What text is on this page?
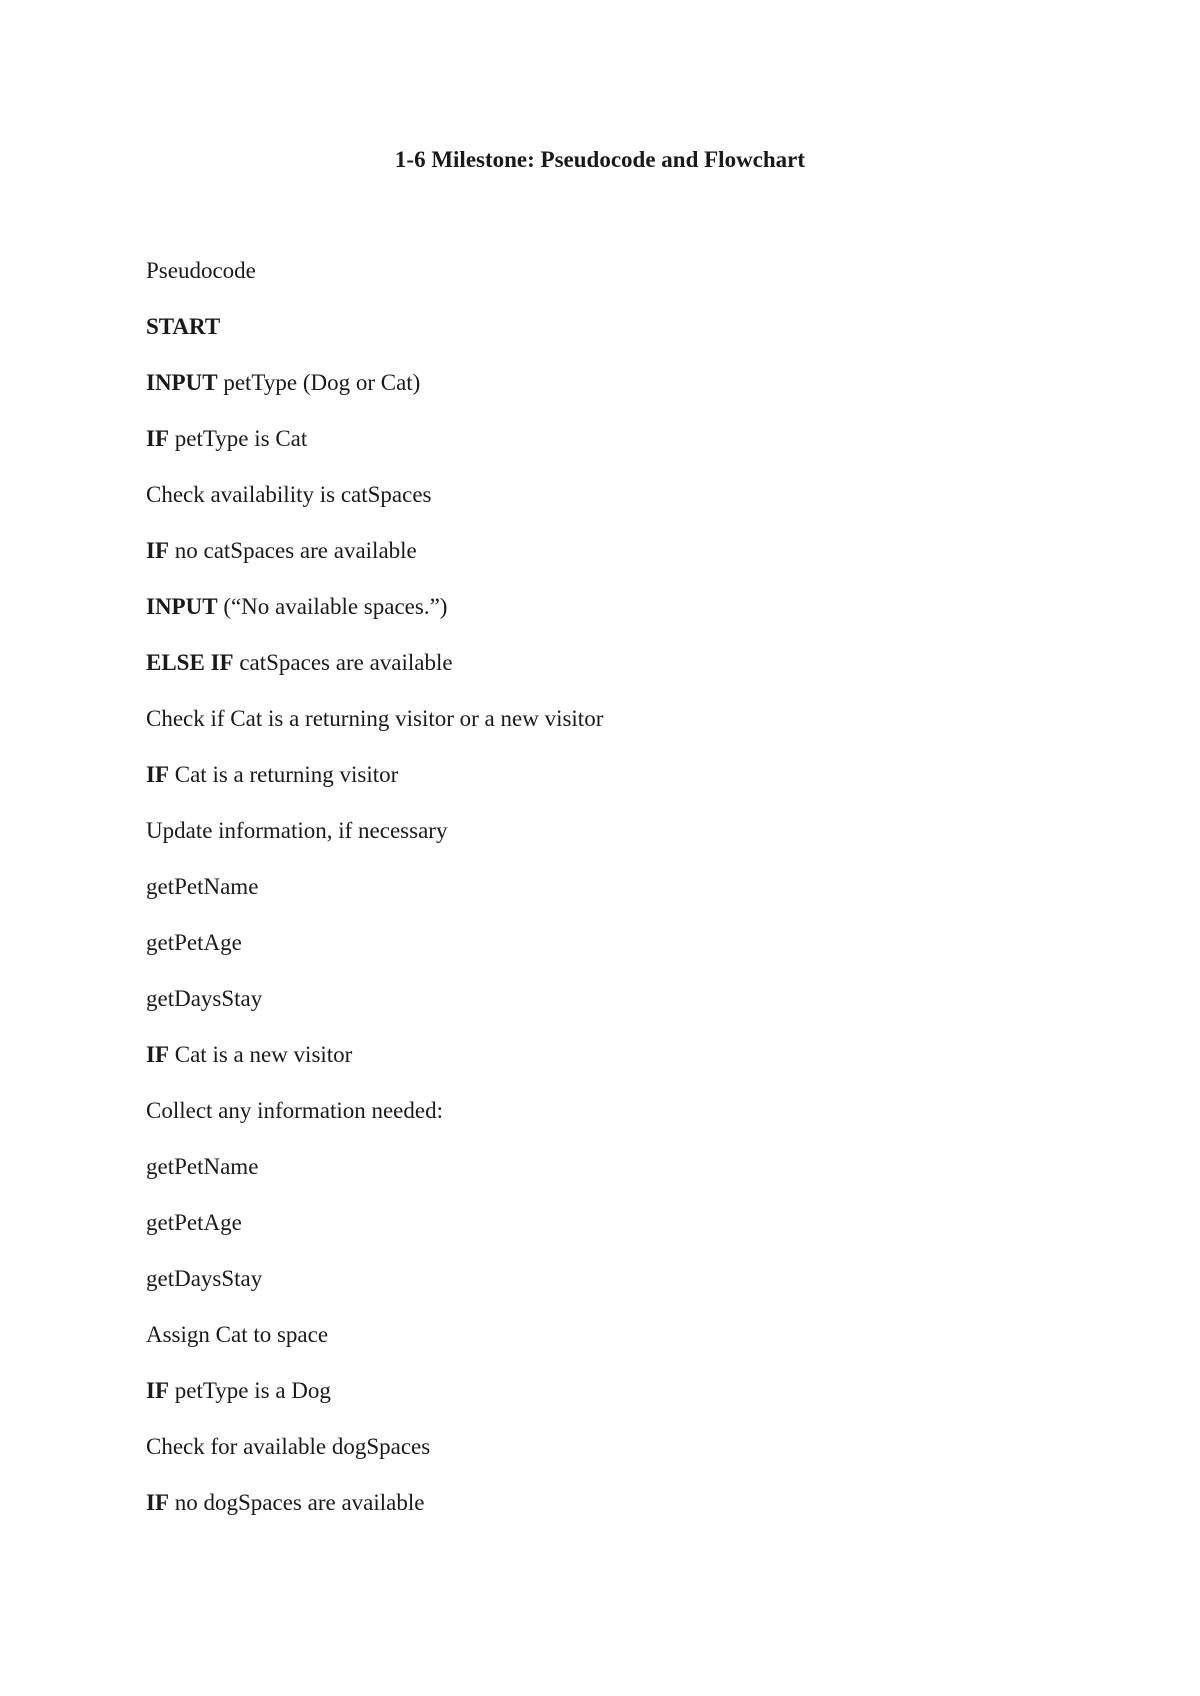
1-6 Milestone: Pseudocode and Flowchart
Pseudocode
START
INPUT petType (Dog or Cat)
IF petType is Cat
Check availability is catSpaces
IF no catSpaces are available
INPUT (“No available spaces.”)
ELSE IF catSpaces are available
Check if Cat is a returning visitor or a new visitor
IF Cat is a returning visitor
Update information, if necessary
getPetName
getPetAge
getDaysStay
IF Cat is a new visitor
Collect any information needed:
getPetName
getPetAge
getDaysStay
Assign Cat to space
IF petType is a Dog
Check for available dogSpaces
IF no dogSpaces are available
